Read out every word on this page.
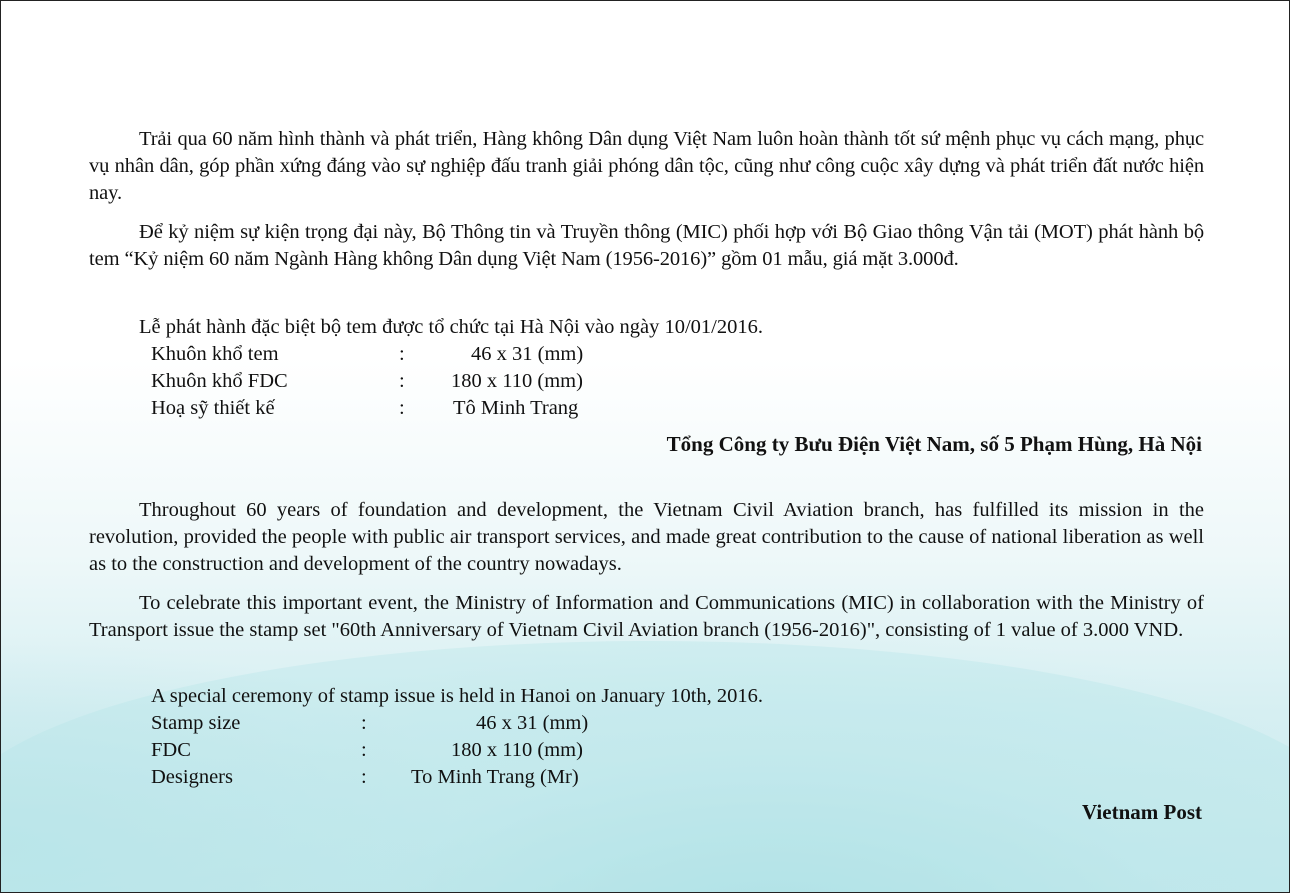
Trải qua 60 năm hình thành và phát triển, Hàng không Dân dụng Việt Nam luôn hoàn thành tốt sứ mệnh phục vụ cách mạng, phục vụ nhân dân, góp phần xứng đáng vào sự nghiệp đấu tranh giải phóng dân tộc, cũng như công cuộc xây dựng và phát triển đất nước hiện nay.

Để kỷ niệm sự kiện trọng đại này, Bộ Thông tin và Truyền thông (MIC) phối hợp với Bộ Giao thông Vận tải (MOT) phát hành bộ tem “Kỷ niệm 60 năm Ngành Hàng không Dân dụng Việt Nam (1956-2016)” gồm 01 mẫu, giá mặt 3.000đ.

Lễ phát hành đặc biệt bộ tem được tổ chức tại Hà Nội vào ngày 10/01/2016.

Khuôn khổ tem	:	46 x 31 (mm)
Khuôn khổ FDC	: 180 x 110 (mm)
Hoạ sỹ thiết kế	: Tô Minh Trang
Tổng Công ty Bưu Điện Việt Nam, số 5 Phạm Hùng, Hà Nội

Throughout 60 years of foundation and development, the Vietnam Civil Aviation branch, has fulfilled its mission in the revolution, provided the people with public air transport services, and made great contribution to the cause of national liberation as well as to the construction and development of the country nowadays.

To celebrate this important event, the Ministry of Information and Communications (MIC) in collaboration with the Ministry of Transport issue the stamp set "60th Anniversary of Vietnam Civil Aviation branch (1956-2016)", consisting of 1 value of 3.000 VND.

A special ceremony of stamp issue is held in Hanoi on January 10th, 2016.

Stamp size	:	46 x 31 (mm)
FDC	:	180 x 110 (mm)
Designers	: To Minh Trang (Mr)
Vietnam Post
